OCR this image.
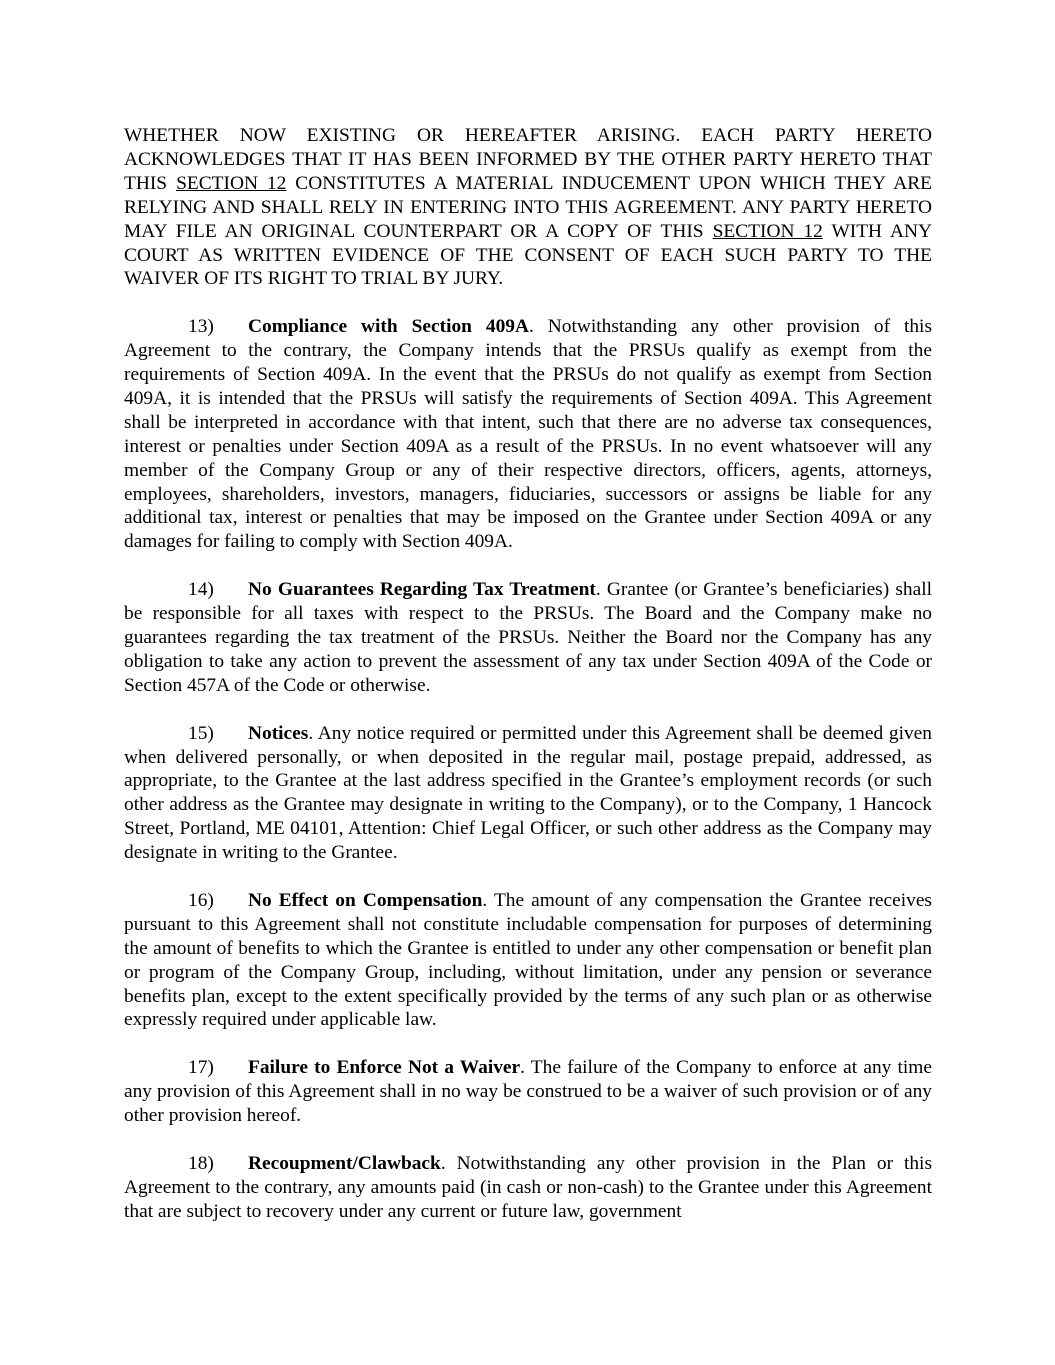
WHETHER NOW EXISTING OR HEREAFTER ARISING. EACH PARTY HERETO ACKNOWLEDGES THAT IT HAS BEEN INFORMED BY THE OTHER PARTY HERETO THAT THIS SECTION 12 CONSTITUTES A MATERIAL INDUCEMENT UPON WHICH THEY ARE RELYING AND SHALL RELY IN ENTERING INTO THIS AGREEMENT. ANY PARTY HERETO MAY FILE AN ORIGINAL COUNTERPART OR A COPY OF THIS SECTION 12 WITH ANY COURT AS WRITTEN EVIDENCE OF THE CONSENT OF EACH SUCH PARTY TO THE WAIVER OF ITS RIGHT TO TRIAL BY JURY.

13) Compliance with Section 409A. Notwithstanding any other provision of this Agreement to the contrary, the Company intends that the PRSUs qualify as exempt from the requirements of Section 409A. In the event that the PRSUs do not qualify as exempt from Section 409A, it is intended that the PRSUs will satisfy the requirements of Section 409A. This Agreement shall be interpreted in accordance with that intent, such that there are no adverse tax consequences, interest or penalties under Section 409A as a result of the PRSUs. In no event whatsoever will any member of the Company Group or any of their respective directors, officers, agents, attorneys, employees, shareholders, investors, managers, fiduciaries, successors or assigns be liable for any additional tax, interest or penalties that may be imposed on the Grantee under Section 409A or any damages for failing to comply with Section 409A.

14) No Guarantees Regarding Tax Treatment. Grantee (or Grantee’s beneficiaries) shall be responsible for all taxes with respect to the PRSUs. The Board and the Company make no guarantees regarding the tax treatment of the PRSUs. Neither the Board nor the Company has any obligation to take any action to prevent the assessment of any tax under Section 409A of the Code or Section 457A of the Code or otherwise.

15) Notices. Any notice required or permitted under this Agreement shall be deemed given when delivered personally, or when deposited in the regular mail, postage prepaid, addressed, as appropriate, to the Grantee at the last address specified in the Grantee’s employment records (or such other address as the Grantee may designate in writing to the Company), or to the Company, 1 Hancock Street, Portland, ME 04101, Attention: Chief Legal Officer, or such other address as the Company may designate in writing to the Grantee.

16) No Effect on Compensation. The amount of any compensation the Grantee receives pursuant to this Agreement shall not constitute includable compensation for purposes of determining the amount of benefits to which the Grantee is entitled to under any other compensation or benefit plan or program of the Company Group, including, without limitation, under any pension or severance benefits plan, except to the extent specifically provided by the terms of any such plan or as otherwise expressly required under applicable law.

17) Failure to Enforce Not a Waiver. The failure of the Company to enforce at any time any provision of this Agreement shall in no way be construed to be a waiver of such provision or of any other provision hereof.

18) Recoupment/Clawback. Notwithstanding any other provision in the Plan or this Agreement to the contrary, any amounts paid (in cash or non-cash) to the Grantee under this Agreement that are subject to recovery under any current or future law, government
